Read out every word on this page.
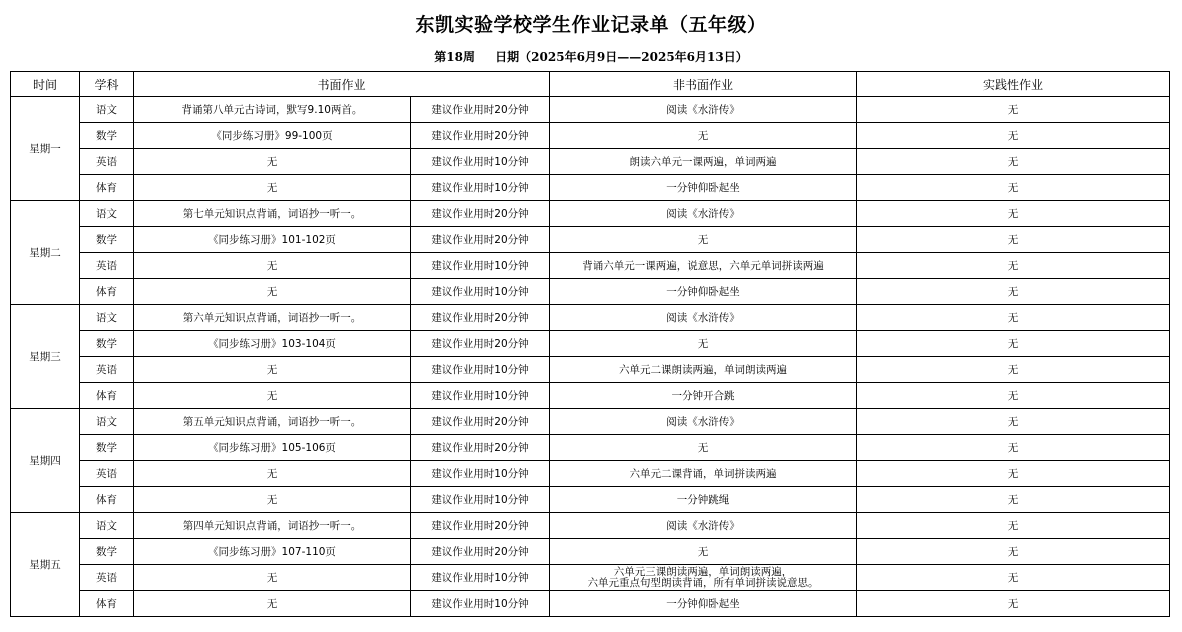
东凯实验学校学生作业记录单（五年级）
第18周 日期（2025年6月9日——2025年6月13日）
时间	学科	书面作业		非书面作业	实践性作业
星期一	语文	背诵第八单元古诗词，默写9.10两首。	建议作业用时20分钟	阅读《水浒传》	无
	数学	《同步练习册》99-100页	建议作业用时20分钟	无	无
	英语	无	建议作业用时10分钟	朗读六单元一课两遍，单词两遍	无
	体育	无	建议作业用时10分钟	一分钟仰卧起坐	无
星期二	语文	第七单元知识点背诵，词语抄一听一。	建议作业用时20分钟	阅读《水浒传》	无
	数学	《同步练习册》101-102页	建议作业用时20分钟	无	无
	英语	无	建议作业用时10分钟	背诵六单元一课两遍，说意思，六单元单词拼读两遍	无
	体育	无	建议作业用时10分钟	一分钟仰卧起坐	无
星期三	语文	第六单元知识点背诵，词语抄一听一。	建议作业用时20分钟	阅读《水浒传》	无
	数学	《同步练习册》103-104页	建议作业用时20分钟	无	无
	英语	无	建议作业用时10分钟	六单元二课朗读两遍，单词朗读两遍	无
	体育	无	建议作业用时10分钟	一分钟开合跳	无
星期四	语文	第五单元知识点背诵，词语抄一听一。	建议作业用时20分钟	阅读《水浒传》	无
	数学	《同步练习册》105-106页	建议作业用时20分钟	无	无
	英语	无	建议作业用时10分钟	六单元二课背诵，单词拼读两遍	无
	体育	无	建议作业用时10分钟	一分钟跳绳	无
星期五	语文	第四单元知识点背诵，词语抄一听一。	建议作业用时20分钟	阅读《水浒传》	无
	数学	《同步练习册》107-110页	建议作业用时20分钟	无	无
	英语	无	建议作业用时10分钟	六单元三课朗读两遍，单词朗读两遍，
六单元重点句型朗读背诵，所有单词拼读说意思。	无
	体育	无	建议作业用时10分钟	一分钟仰卧起坐	无
